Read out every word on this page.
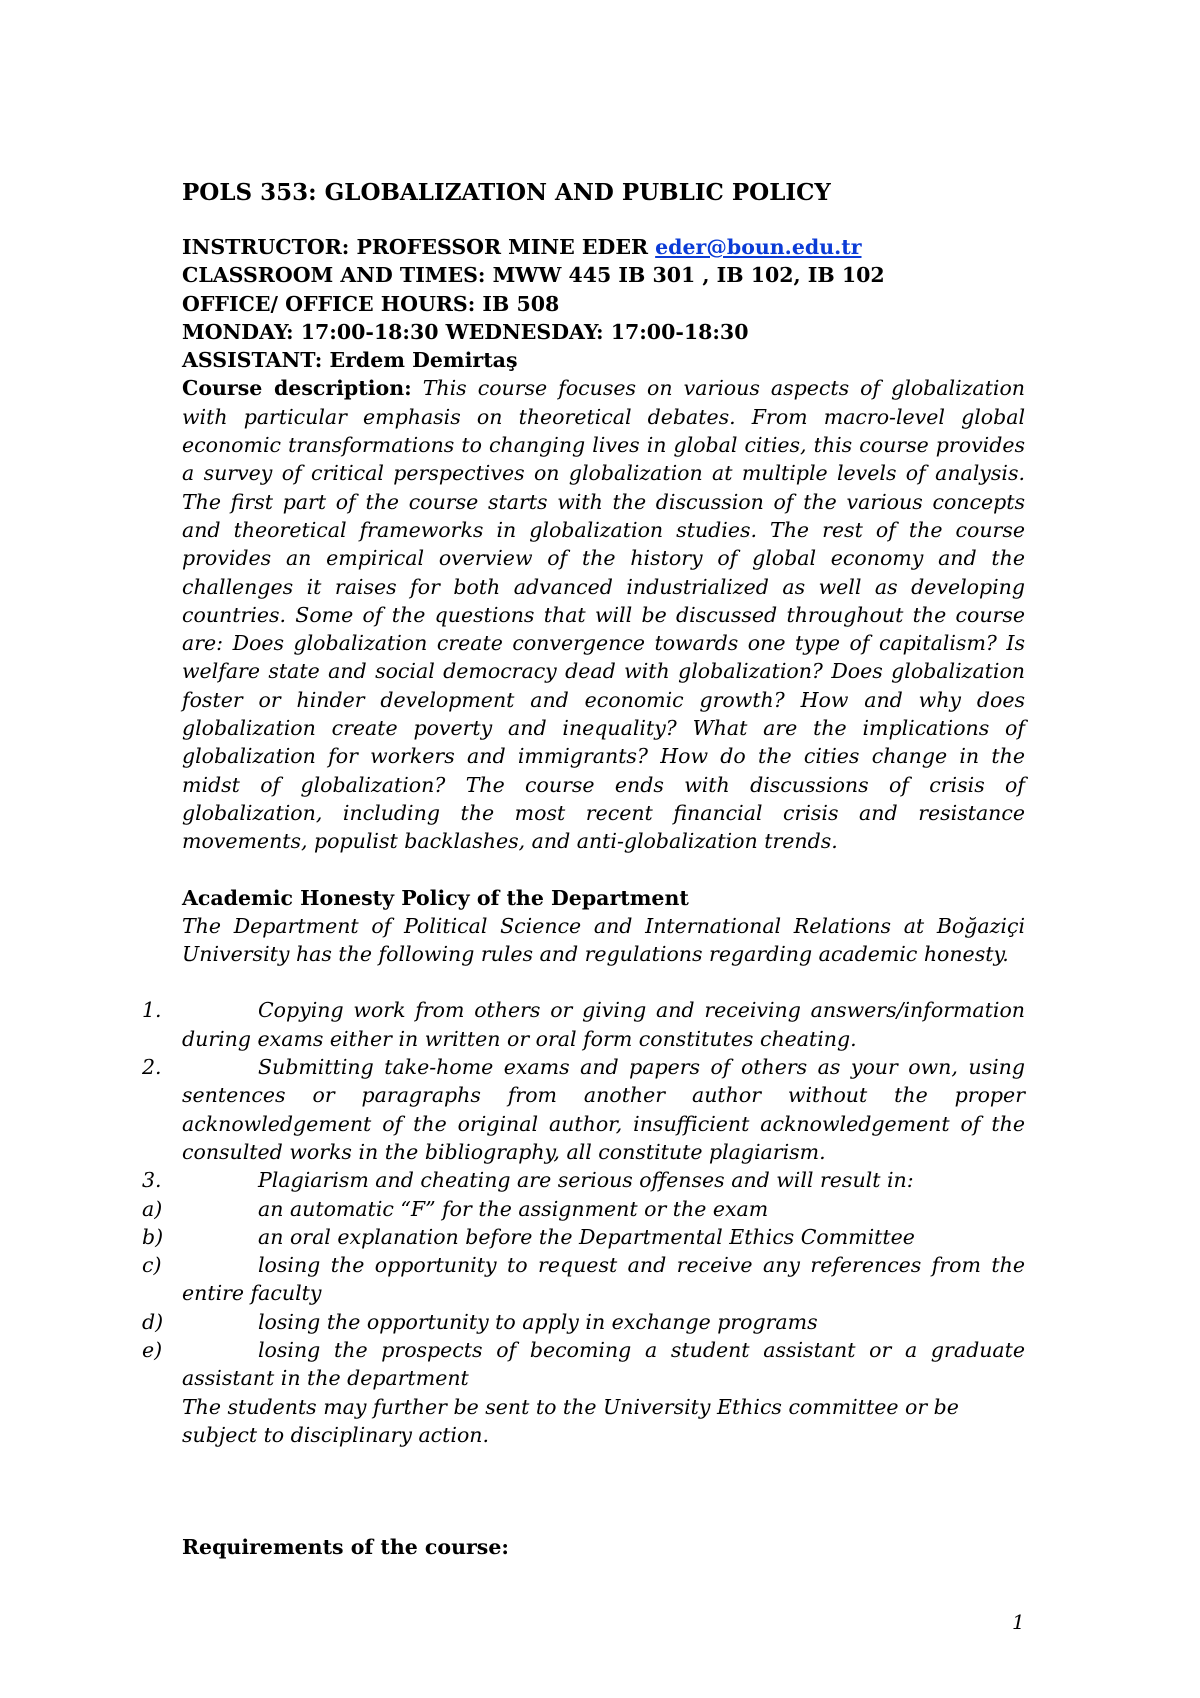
POLS 353: GLOBALIZATION AND PUBLIC POLICY

INSTRUCTOR: PROFESSOR MINE EDER eder@boun.edu.tr

CLASSROOM AND TIMES: MWW 445 IB 301 , IB 102, IB 102

OFFICE/ OFFICE HOURS: IB 508

MONDAY: 17:00-18:30 WEDNESDAY: 17:00-18:30

ASSISTANT: Erdem Demirtaş

Course description: This course focuses on various aspects of globalization with particular emphasis on theoretical debates. From macro-level global economic transformations to changing lives in global cities, this course provides a survey of critical perspectives on globalization at multiple levels of analysis. The first part of the course starts with the discussion of the various concepts and theoretical frameworks in globalization studies. The rest of the course provides an empirical overview of the history of global economy and the challenges it raises for both advanced industrialized as well as developing countries. Some of the questions that will be discussed throughout the course are: Does globalization create convergence towards one type of capitalism? Is welfare state and social democracy dead with globalization? Does globalization foster or hinder development and economic growth? How and why does globalization create poverty and inequality? What are the implications of globalization for workers and immigrants? How do the cities change in the midst of globalization? The course ends with discussions of crisis of globalization, including the most recent financial crisis and resistance movements, populist backlashes, and anti-globalization trends.

Academic Honesty Policy of the Department

The Department of Political Science and International Relations at Boğaziçi University has the following rules and regulations regarding academic honesty.

1.	Copying work from others or giving and receiving answers/information during exams either in written or oral form constitutes cheating.

2.	Submitting take-home exams and papers of others as your own, using sentences or paragraphs from another author without the proper acknowledgement of the original author, insufficient acknowledgement of the consulted works in the bibliography, all constitute plagiarism.

3.	Plagiarism and cheating are serious offenses and will result in:

a)	an automatic “F” for the assignment or the exam

b)	an oral explanation before the Departmental Ethics Committee

c)	losing the opportunity to request and receive any references from the entire faculty

d)	losing the opportunity to apply in exchange programs

e)	losing the prospects of becoming a student assistant or a graduate assistant in the department

The students may further be sent to the University Ethics committee or be subject to disciplinary action.

Requirements of the course:

1
